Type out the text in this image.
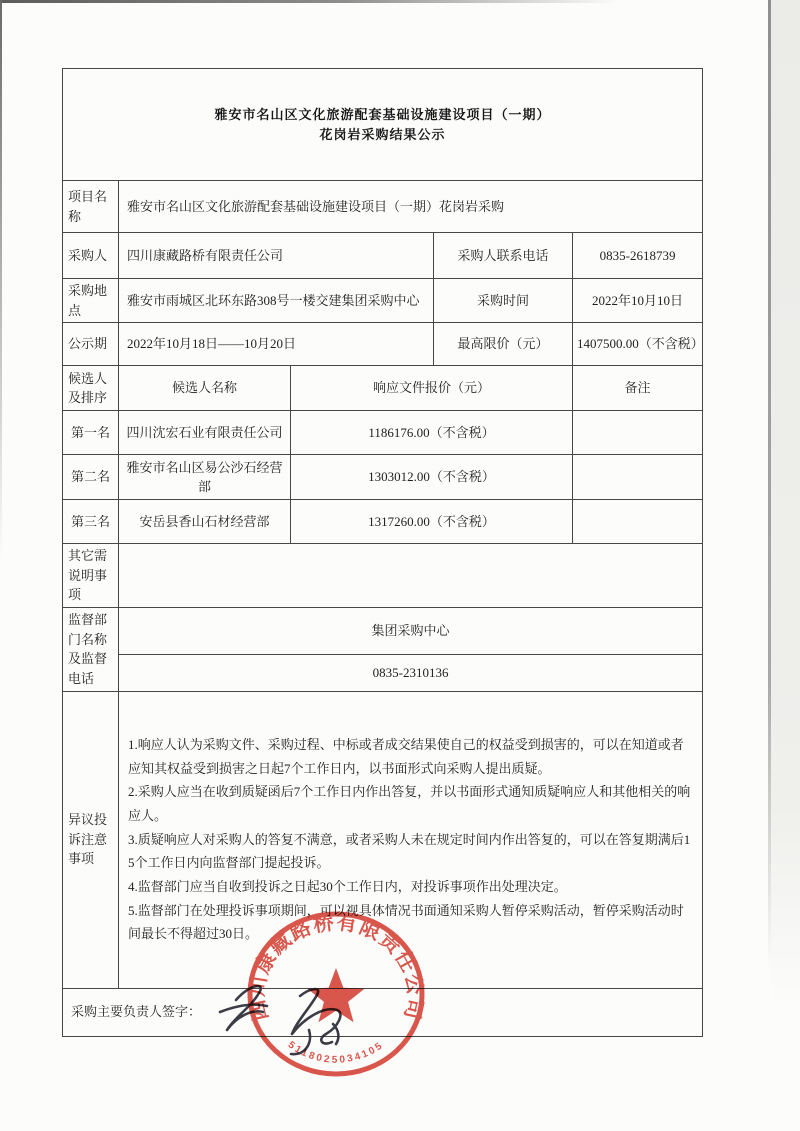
雅安市名山区文化旅游配套基础设施建设项目（一期）
花岗岩采购结果公示				

项目名称	雅安市名山区文化旅游配套基础设施建设项目（一期）花岗岩采购			
采购人	四川康藏路桥有限责任公司		采购人联系电话	0835-2618739
采购地点	雅安市雨城区北环东路308号一楼交建集团采购中心		采购时间	2022年10月10日
公示期	2022年10月18日——10月20日		最高限价（元）	1407500.00（不含税）
候选人及排序	候选人名称	响应文件报价（元）		备注
第一名	四川沈宏石业有限责任公司	1186176.00（不含税）		
第二名	雅安市名山区易公沙石经营部	1303012.00（不含税）		
第三名	安岳县香山石材经营部	1317260.00（不含税）		
其它需说明事项				
监督部门名称及监督电话	集团采购中心			
	0835-2310136			
异议投诉注意事项	1.响应人认为采购文件、采购过程、中标或者成交结果使自己的权益受到损害的，可以在知道或者应知其权益受到损害之日起7个工作日内，以书面形式向采购人提出质疑。
2.采购人应当在收到质疑函后7个工作日内作出答复，并以书面形式通知质疑响应人和其他相关的响应人。
3.质疑响应人对采购人的答复不满意，或者采购人未在规定时间内作出答复的，可以在答复期满后15个工作日内向监督部门提起投诉。
4.监督部门应当自收到投诉之日起30个工作日内，对投诉事项作出处理决定。
5.监督部门在处理投诉事项期间，可以视具体情况书面通知采购人暂停采购活动，暂停采购活动时间最长不得超过30日。			

采购主要负责人签字：				四川康藏路桥有限责任公司
5118025034105
